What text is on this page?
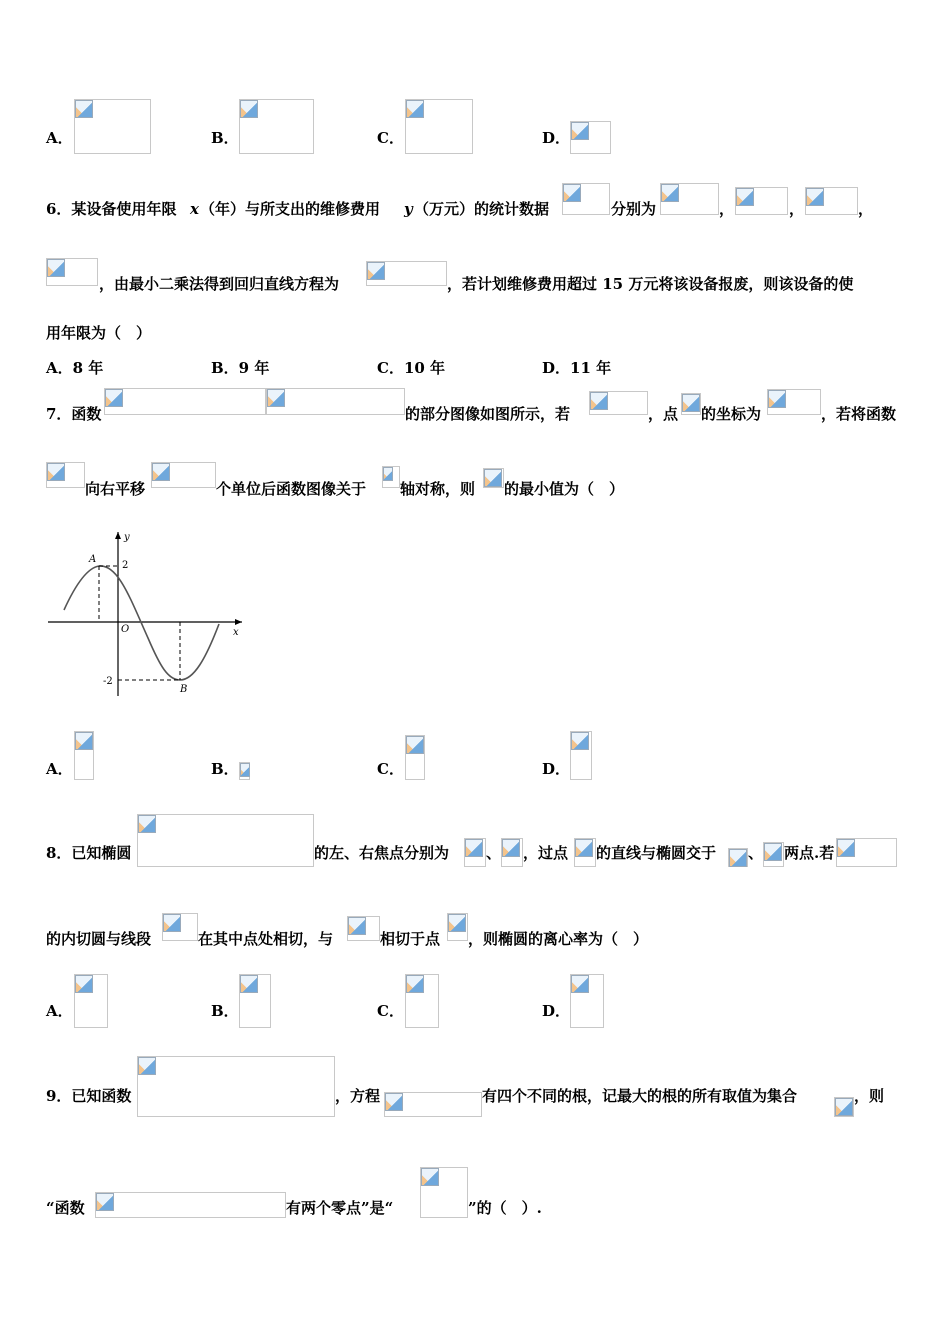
A．	B．	C．	D．
6．某设备使用年限 x （年）与所支出的维修费用 y （万元）的统计数据	分别为	，	，	，
，由最小二乘法得到回归直线方程为	，若计划维修费用超过 15 万元将该设备报废，则该设备的使
用年限为（　）
A．8 年	B．9 年	C．10 年	D．11 年
7．函数	的部分图像如图所示，若	，点 的坐标为	，若将函数
向右平移	个单位后函数图像关于 轴对称，则 的最小值为（　）
y
x
O
A
B
2
-2
A．	B．	C．	D．
8．已知椭圆	的左、右焦点分别为 、 ，过点 的直线与椭圆交于 、 两点.若
的内切圆与线段	在其中点处相切，与	相切于点 ，则椭圆的离心率为（　）
A．	B．	C．	D．
9．已知函数	，方程	有四个不同的根，记最大的根的所有取值为集合	，则
“函数	有两个零点”是“	”的（　）.
